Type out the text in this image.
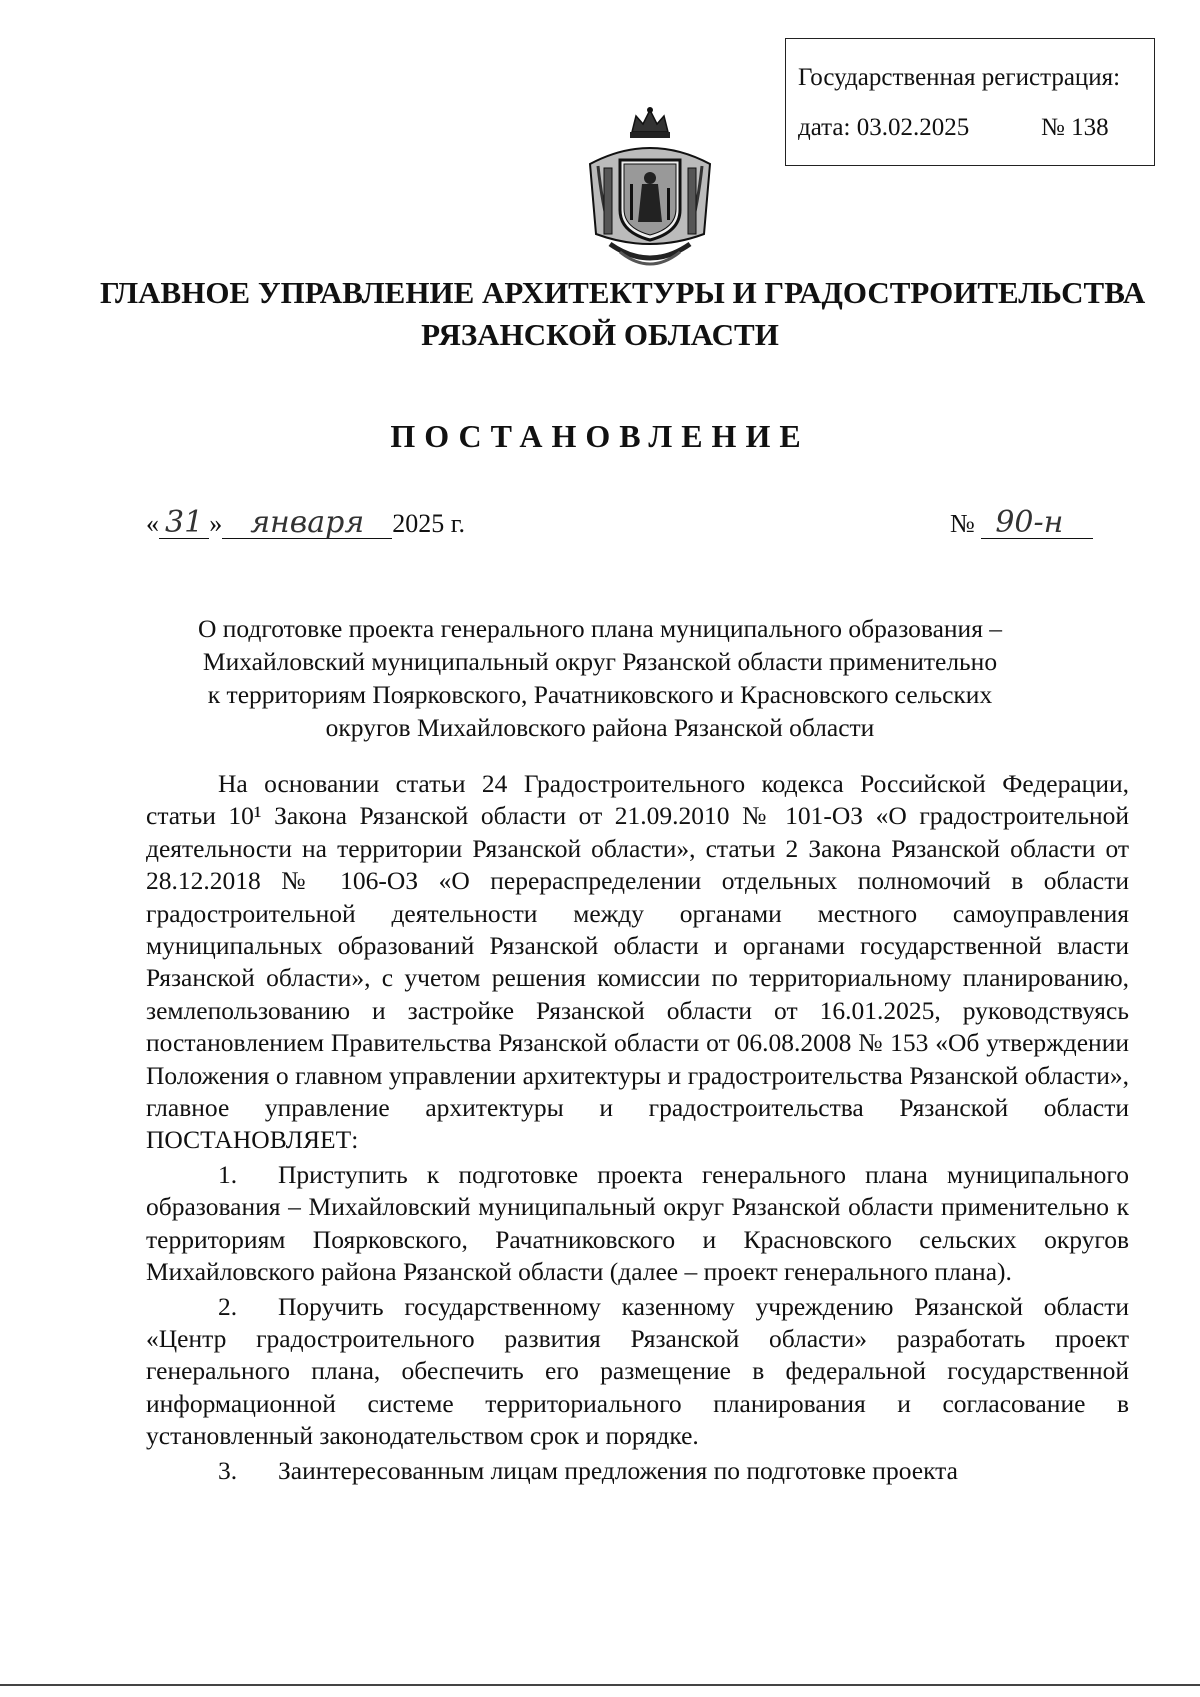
Государственная регистрация:
дата: 03.02.2025	№ 138
ГЛАВНОЕ УПРАВЛЕНИЕ АРХИТЕКТУРЫ И ГРАДОСТРОИТЕЛЬСТВА
РЯЗАНСКОЙ ОБЛАСТИ
ПОСТАНОВЛЕНИЕ
« 31 » января 2025 г.	№ 90-н
О подготовке проекта генерального плана муниципального образования –
Михайловский муниципальный округ Рязанской области применительно
к территориям Поярковского, Рачатниковского и Красновского сельских
округов Михайловского района Рязанской области

На основании статьи 24 Градостроительного кодекса Российской Федерации, статьи 10¹ Закона Рязанской области от 21.09.2010 № 101-ОЗ «О градостроительной деятельности на территории Рязанской области», статьи 2 Закона Рязанской области от 28.12.2018 № 106-ОЗ «О перераспределении отдельных полномочий в области градостроительной деятельности между органами местного самоуправления муниципальных образований Рязанской области и органами государственной власти Рязанской области», с учетом решения комиссии по территориальному планированию, землепользованию и застройке Рязанской области от 16.01.2025, руководствуясь постановлением Правительства Рязанской области от 06.08.2008 № 153 «Об утверждении Положения о главном управлении архитектуры и градостроительства Рязанской области», главное управление архитектуры и градостроительства Рязанской области ПОСТАНОВЛЯЕТ:

1. Приступить к подготовке проекта генерального плана муниципального образования – Михайловский муниципальный округ Рязанской области применительно к территориям Поярковского, Рачатниковского и Красновского сельских округов Михайловского района Рязанской области (далее – проект генерального плана).

2. Поручить государственному казенному учреждению Рязанской области «Центр градостроительного развития Рязанской области» разработать проект генерального плана, обеспечить его размещение в федеральной государственной информационной системе территориального планирования и согласование в установленный законодательством срок и порядке.

3. Заинтересованным лицам предложения по подготовке проекта
